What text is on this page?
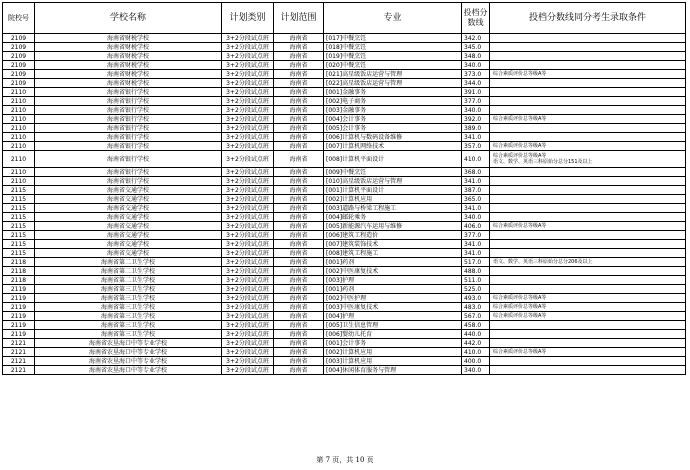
院校号	学校名称	计划类别	计划范围	专业	投档分数线	投档分数线同分考生录取条件
2109	海南省财税学校	3+2分段试点班	海南省	[017]中餐烹饪	342.0	
2109	海南省财税学校	3+2分段试点班	海南省	[018]中餐烹饪	345.0	
2109	海南省财税学校	3+2分段试点班	海南省	[019]中餐烹饪	348.0	
2109	海南省财税学校	3+2分段试点班	海南省	[020]中餐烹饪	340.0	
2109	海南省财税学校	3+2分段试点班	海南省	[021]高星级饭店运营与管理	373.0	综合素质评价总等级A等
2109	海南省财税学校	3+2分段试点班	海南省	[022]高星级饭店运营与管理	344.0	
2110	海南省银行学校	3+2分段试点班	海南省	[001]金融事务	391.0	
2110	海南省银行学校	3+2分段试点班	海南省	[002]电子商务	377.0	
2110	海南省银行学校	3+2分段试点班	海南省	[003]金融事务	340.0	
2110	海南省银行学校	3+2分段试点班	海南省	[004]会计事务	392.0	综合素质评价总等级A等
2110	海南省银行学校	3+2分段试点班	海南省	[005]会计事务	389.0	
2110	海南省银行学校	3+2分段试点班	海南省	[006]计算机与数码设备维修	341.0	
2110	海南省银行学校	3+2分段试点班	海南省	[007]计算机网络技术	357.0	综合素质评价总等级A等
2110	海南省银行学校	3+2分段试点班	海南省	[008]计算机平面设计	410.0	综合素质评价总等级A等
语文、数学、英语三科原始分总分151及以上
2110	海南省银行学校	3+2分段试点班	海南省	[009]中餐烹饪	368.0	
2110	海南省银行学校	3+2分段试点班	海南省	[010]高星级饭店运营与管理	341.0	
2115	海南省交通学校	3+2分段试点班	海南省	[001]计算机平面设计	387.0	
2115	海南省交通学校	3+2分段试点班	海南省	[002]计算机应用	365.0	
2115	海南省交通学校	3+2分段试点班	海南省	[003]道路与桥梁工程施工	341.0	
2115	海南省交通学校	3+2分段试点班	海南省	[004]邮轮乘务	340.0	
2115	海南省交通学校	3+2分段试点班	海南省	[005]新能源汽车运用与维修	406.0	综合素质评价总等级A等
2115	海南省交通学校	3+2分段试点班	海南省	[006]建筑工程造价	377.0	
2115	海南省交通学校	3+2分段试点班	海南省	[007]建筑装饰技术	341.0	
2115	海南省交通学校	3+2分段试点班	海南省	[008]建筑工程施工	341.0	
2118	海南省第二卫生学校	3+2分段试点班	海南省	[001]药剂	517.0	语文、数学、英语三科原始分总分206及以上
2118	海南省第二卫生学校	3+2分段试点班	海南省	[002]中医康复技术	488.0	
2118	海南省第二卫生学校	3+2分段试点班	海南省	[003]护理	511.0	
2119	海南省第三卫生学校	3+2分段试点班	海南省	[001]药剂	525.0	
2119	海南省第三卫生学校	3+2分段试点班	海南省	[002]中医护理	493.0	综合素质评价总等级A等
2119	海南省第三卫生学校	3+2分段试点班	海南省	[003]中医康复技术	483.0	综合素质评价总等级A等
2119	海南省第三卫生学校	3+2分段试点班	海南省	[004]护理	567.0	综合素质评价总等级A等
2119	海南省第三卫生学校	3+2分段试点班	海南省	[005]卫生信息管理	458.0	
2119	海南省第三卫生学校	3+2分段试点班	海南省	[006]婴幼儿托育	440.0	
2121	海南省农垦海口中等专业学校	3+2分段试点班	海南省	[001]会计事务	442.0	
2121	海南省农垦海口中等专业学校	3+2分段试点班	海南省	[002]计算机应用	410.0	综合素质评价总等级A等
2121	海南省农垦海口中等专业学校	3+2分段试点班	海南省	[003]计算机应用	400.0	
2121	海南省农垦海口中等专业学校	3+2分段试点班	海南省	[004]休闲体育服务与管理	340.0	
第 7 页，共 10 页
